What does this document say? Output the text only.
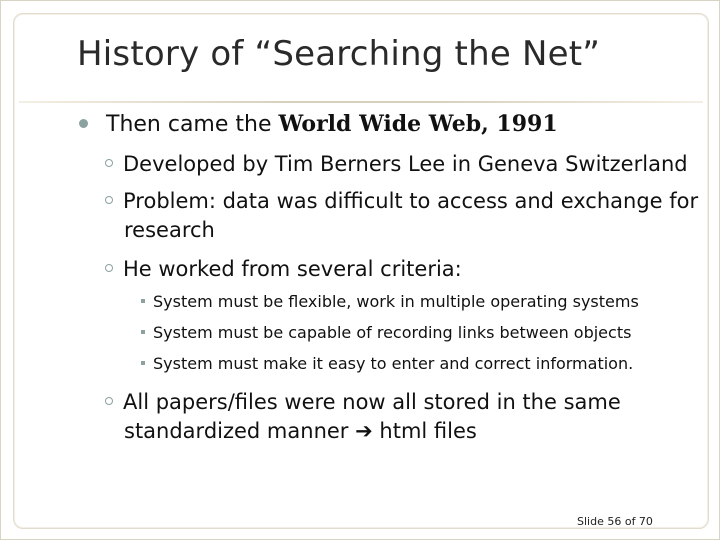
History of “Searching the Net”
Then came the World Wide Web, 1991
Developed by Tim Berners Lee in Geneva Switzerland
Problem: data was difficult to access and exchange for
research
He worked from several criteria:
System must be flexible, work in multiple operating systems
System must be capable of recording links between objects
System must make it easy to enter and correct information.
All papers/files were now all stored in the same
standardized manner ➔ html files
Slide 56 of 70
